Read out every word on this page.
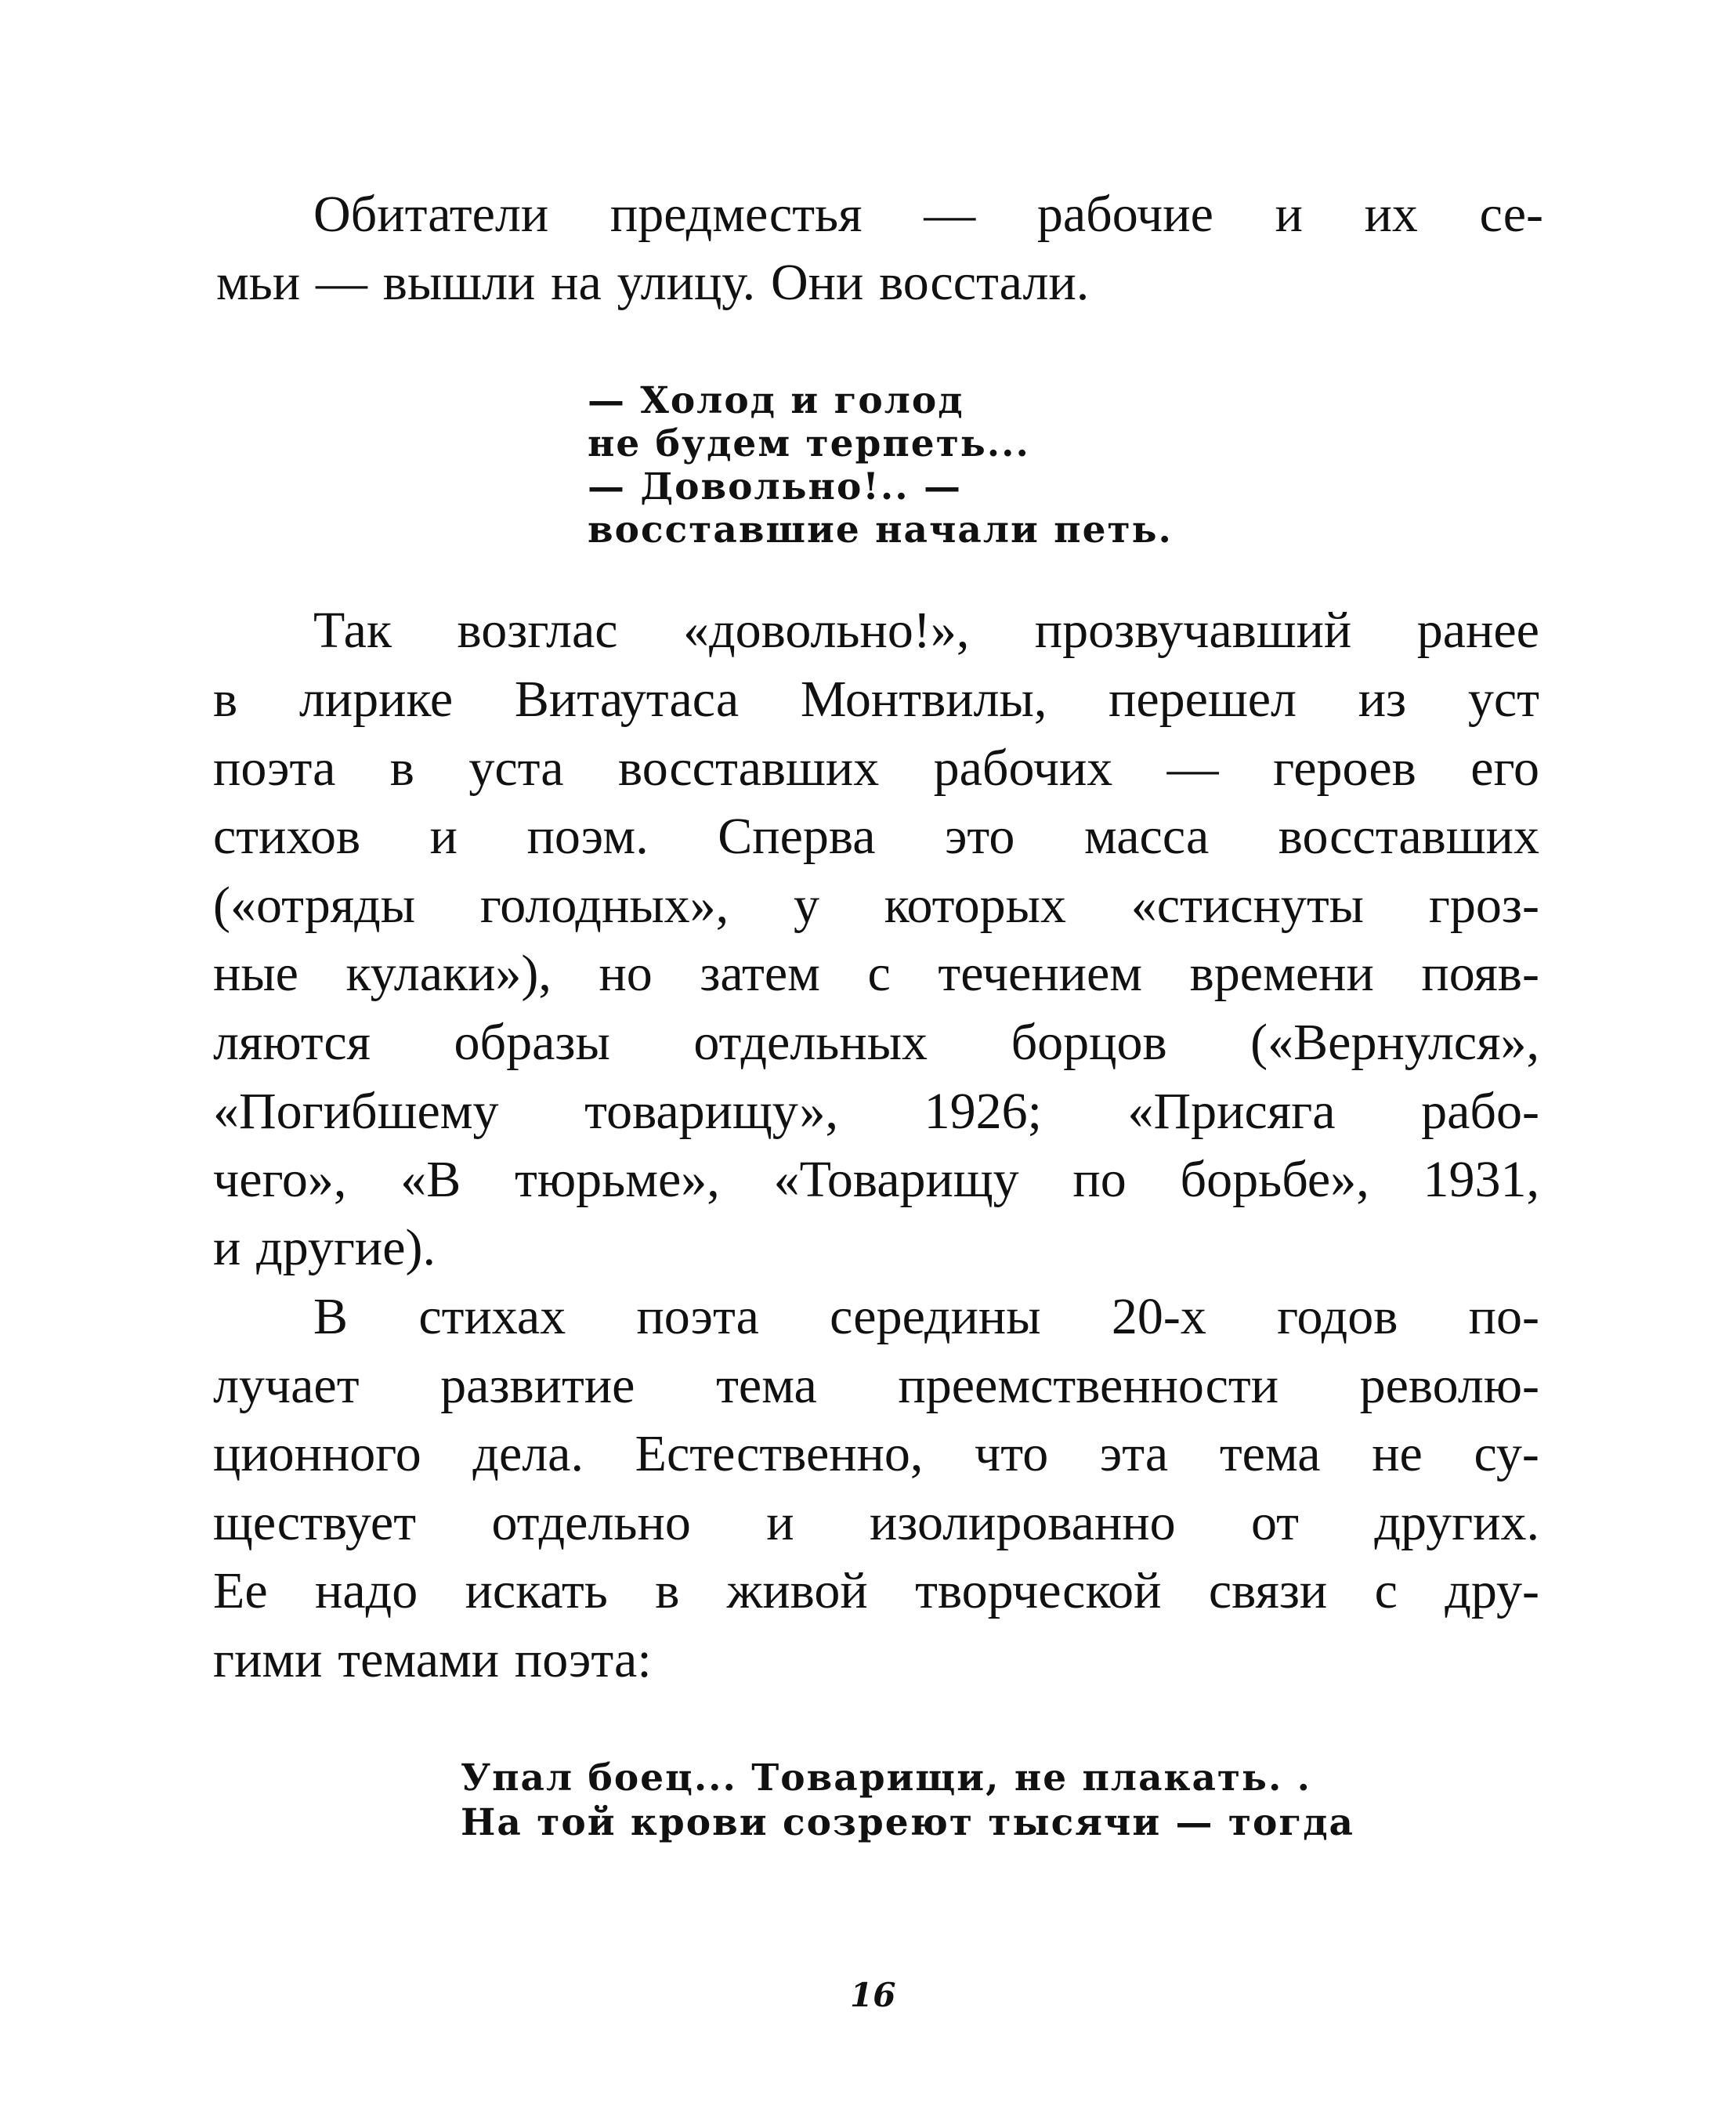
Обитатели предместья — рабочие и их се-
мьи — вышли на улицу. Они восстали.
— Холод и голод
не будем терпеть...
— Довольно!.. —
восставшие начали петь.
Так возглас «довольно!», прозвучавший ранее
в лирике Витаутаса Монтвилы, перешел из уст
поэта в уста восставших рабочих — героев его
стихов и поэм. Сперва это масса восставших
(«отряды голодных», у которых «стиснуты гроз-
ные кулаки»), но затем с течением времени появ-
ляются образы отдельных борцов («Вернулся»,
«Погибшему товарищу», 1926; «Присяга рабо-
чего», «В тюрьме», «Товарищу по борьбе», 1931,
и другие).
В стихах поэта середины 20-х годов по-
лучает развитие тема преемственности револю-
ционного дела. Естественно, что эта тема не су-
ществует отдельно и изолированно от других.
Ее надо искать в живой творческой связи с дру-
гими темами поэта:
Упал боец... Товарищи, не плакать. .
На той крови созреют тысячи — тогда
16
